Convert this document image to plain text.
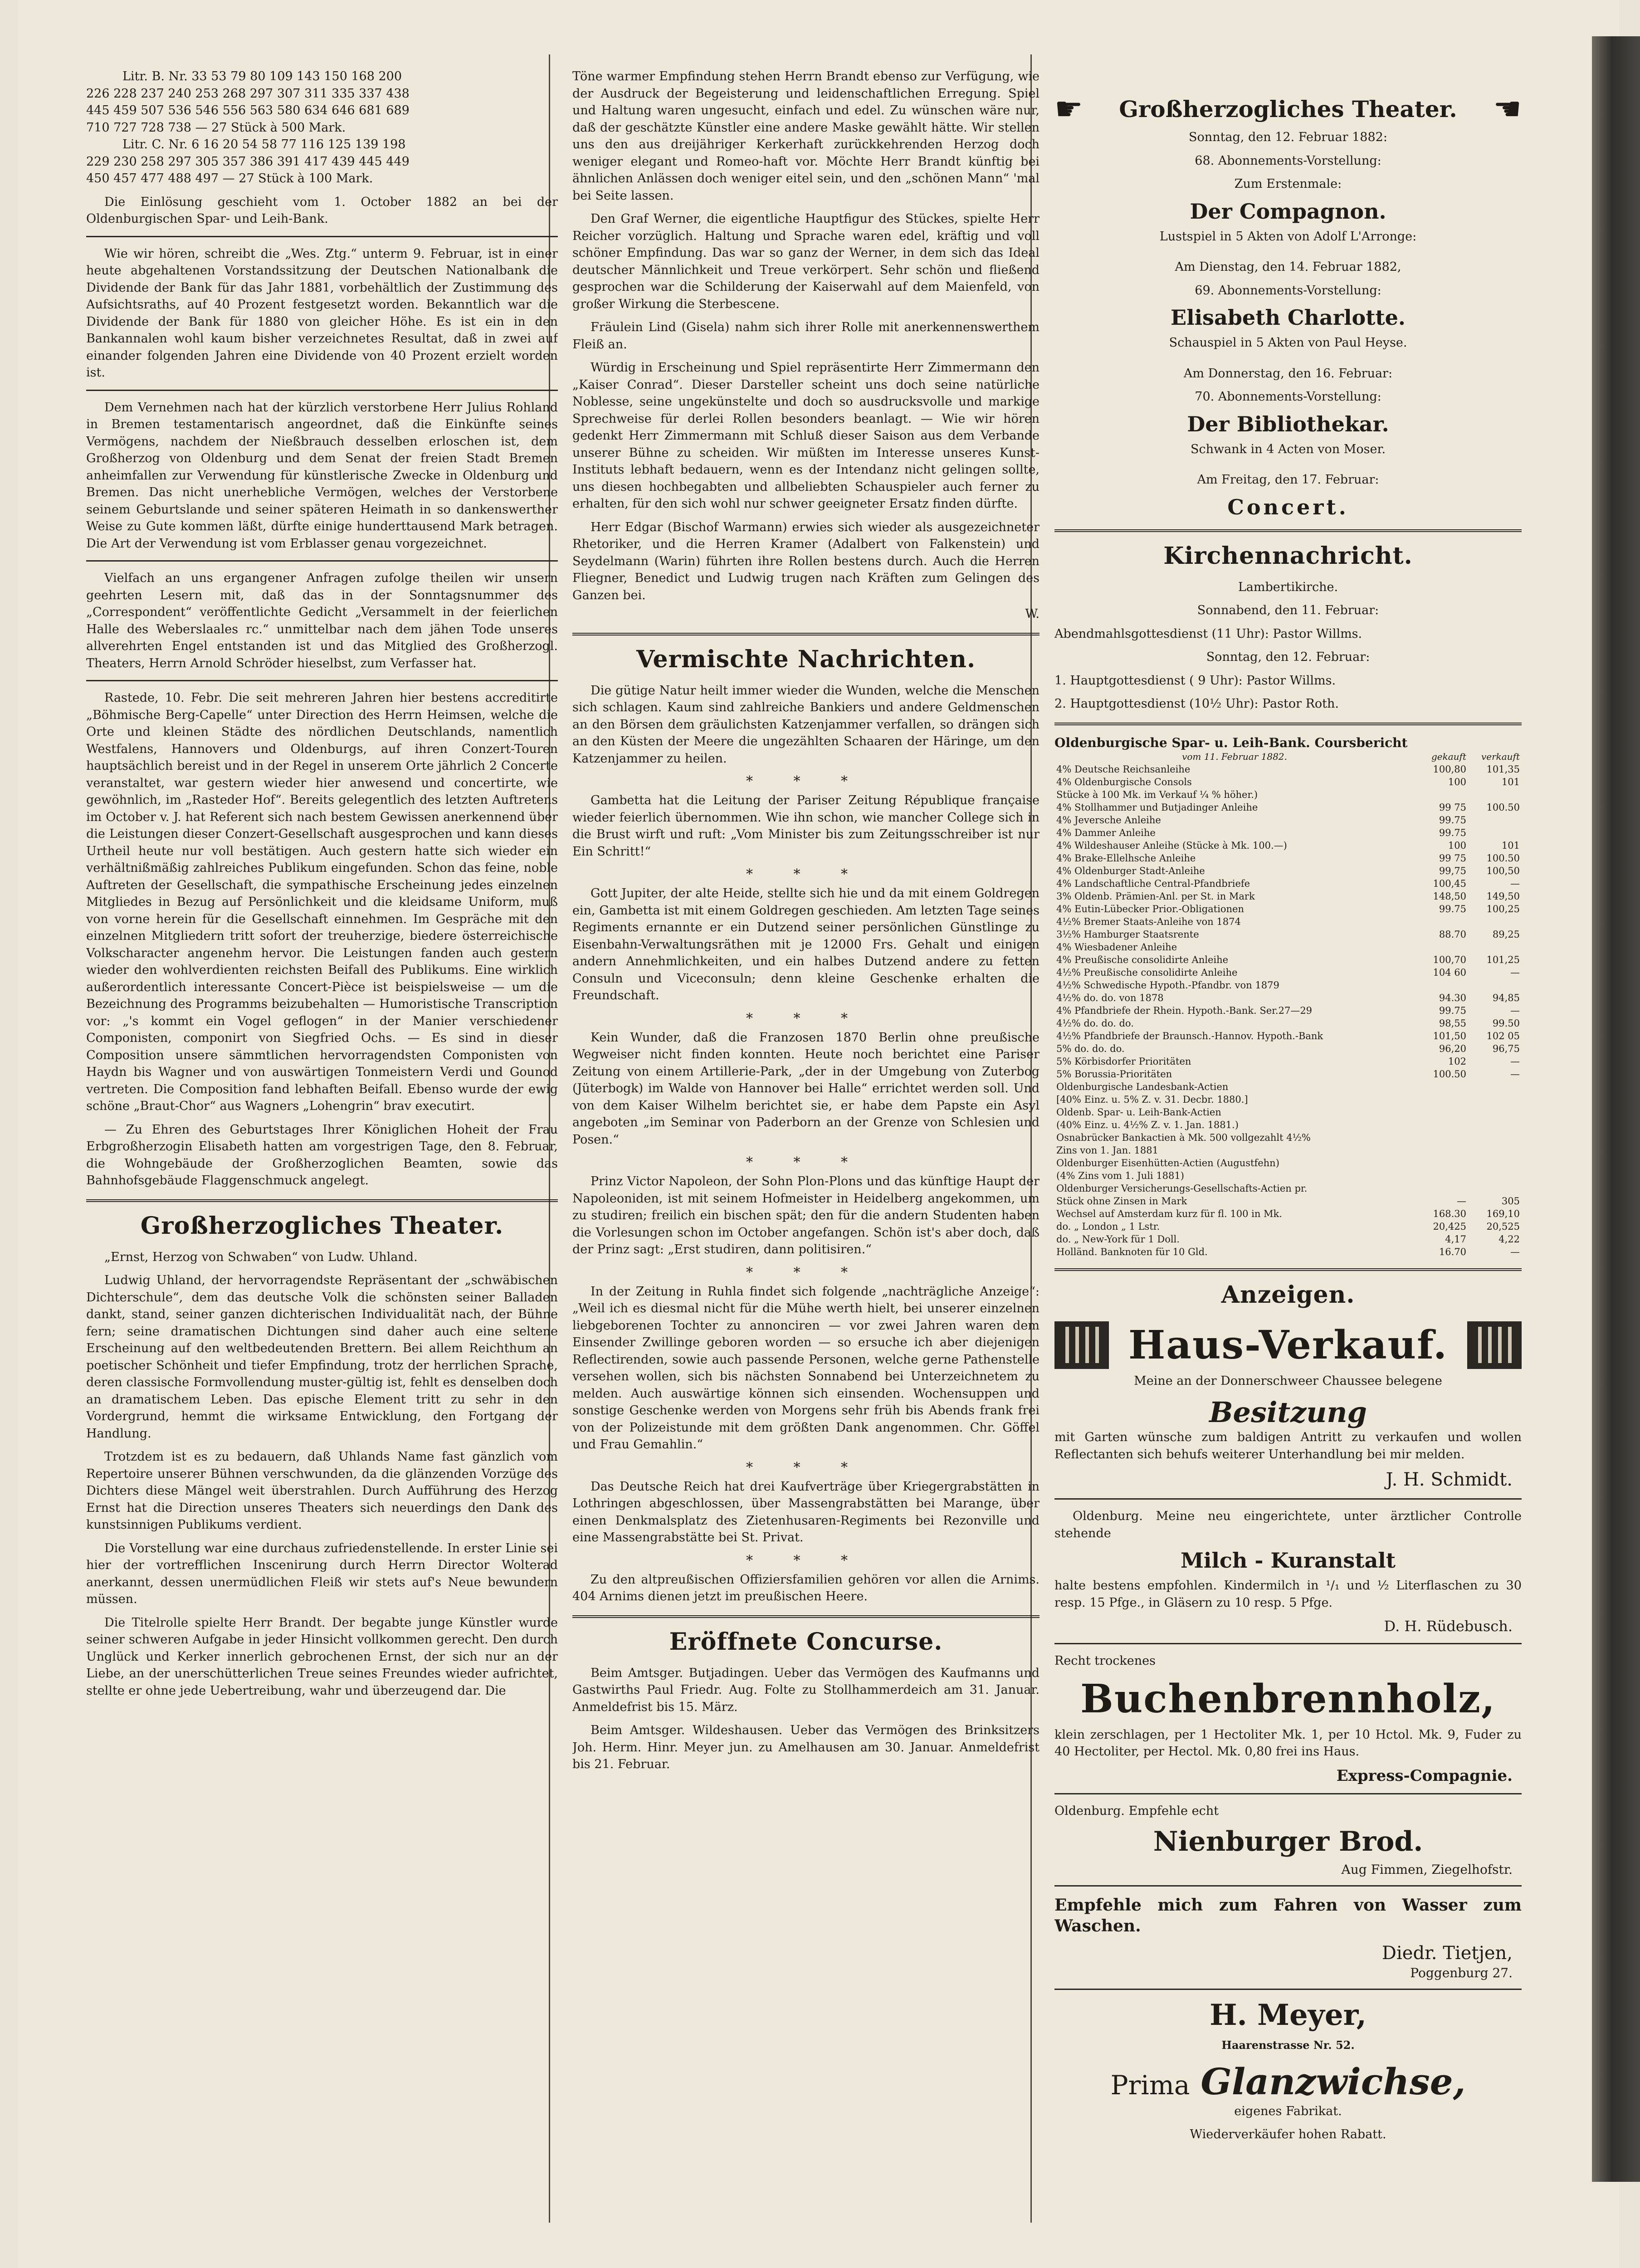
Litr. B. Nr. 33 53 79 80 109 143 150 168 200

226 228 237 240 253 268 297 307 311 335 337 438

445 459 507 536 546 556 563 580 634 646 681 689

710 727 728 738 — 27 Stück à 500 Mark.

Litr. C. Nr. 6 16 20 54 58 77 116 125 139 198

229 230 258 297 305 357 386 391 417 439 445 449

450 457 477 488 497 — 27 Stück à 100 Mark.

Die Einlösung geschieht vom 1. October 1882 an bei der Oldenburgischen Spar- und Leih-Bank.

Wie wir hören, schreibt die „Wes. Ztg.“ unterm 9. Februar, ist in einer heute abgehaltenen Vorstandssitzung der Deutschen Nationalbank die Dividende der Bank für das Jahr 1881, vorbehältlich der Zustimmung des Aufsichtsraths, auf 40 Prozent festgesetzt worden. Bekanntlich war die Dividende der Bank für 1880 von gleicher Höhe. Es ist ein in den Bankannalen wohl kaum bisher verzeichnetes Resultat, daß in zwei auf einander folgenden Jahren eine Dividende von 40 Prozent erzielt worden ist.

Dem Vernehmen nach hat der kürzlich verstorbene Herr Julius Rohland in Bremen testamentarisch angeordnet, daß die Einkünfte seines Vermögens, nachdem der Nießbrauch desselben erloschen ist, dem Großherzog von Oldenburg und dem Senat der freien Stadt Bremen anheimfallen zur Verwendung für künstlerische Zwecke in Oldenburg und Bremen. Das nicht unerhebliche Vermögen, welches der Verstorbene seinem Geburtslande und seiner späteren Heimath in so dankenswerther Weise zu Gute kommen läßt, dürfte einige hunderttausend Mark betragen. Die Art der Verwendung ist vom Erblasser genau vorgezeichnet.

Vielfach an uns ergangener Anfragen zufolge theilen wir unsern geehrten Lesern mit, daß das in der Sonntagsnummer des „Correspondent“ veröffentlichte Gedicht „Versammelt in der feierlichen Halle des Weberslaales rc.“ unmittelbar nach dem jähen Tode unseres allverehrten Engel entstanden ist und das Mitglied des Großherzogl. Theaters, Herrn Arnold Schröder hieselbst, zum Verfasser hat.

Rastede, 10. Febr. Die seit mehreren Jahren hier bestens accreditirte „Böhmische Berg-Capelle“ unter Direction des Herrn Heimsen, welche die Orte und kleinen Städte des nördlichen Deutschlands, namentlich Westfalens, Hannovers und Oldenburgs, auf ihren Conzert-Touren hauptsächlich bereist und in der Regel in unserem Orte jährlich 2 Concerte veranstaltet, war gestern wieder hier anwesend und concertirte, wie gewöhnlich, im „Rasteder Hof“. Bereits gelegentlich des letzten Auftretens im October v. J. hat Referent sich nach bestem Gewissen anerkennend über die Leistungen dieser Conzert-Gesellschaft ausgesprochen und kann dieses Urtheil heute nur voll bestätigen. Auch gestern hatte sich wieder ein verhältnißmäßig zahlreiches Publikum eingefunden. Schon das feine, noble Auftreten der Gesellschaft, die sympathische Erscheinung jedes einzelnen Mitgliedes in Bezug auf Persönlichkeit und die kleidsame Uniform, muß von vorne herein für die Gesellschaft einnehmen. Im Gespräche mit den einzelnen Mitgliedern tritt sofort der treuherzige, biedere österreichische Volkscharacter angenehm hervor. Die Leistungen fanden auch gestern wieder den wohlverdienten reichsten Beifall des Publikums. Eine wirklich außerordentlich interessante Concert-Pièce ist beispielsweise — um die Bezeichnung des Programms beizubehalten — Humoristische Transcription vor: „'s kommt ein Vogel geflogen“ in der Manier verschiedener Componisten, componirt von Siegfried Ochs. — Es sind in dieser Composition unsere sämmtlichen hervorragendsten Componisten von Haydn bis Wagner und von auswärtigen Tonmeistern Verdi und Gounod vertreten. Die Composition fand lebhaften Beifall. Ebenso wurde der ewig schöne „Braut-Chor“ aus Wagners „Lohengrin“ brav executirt.

— Zu Ehren des Geburtstages Ihrer Königlichen Hoheit der Frau Erbgroßherzogin Elisabeth hatten am vorgestrigen Tage, den 8. Februar, die Wohngebäude der Großherzoglichen Beamten, sowie das Bahnhofsgebäude Flaggenschmuck angelegt.

Großherzogliches Theater.

„Ernst, Herzog von Schwaben“ von Ludw. Uhland.

Ludwig Uhland, der hervorragendste Repräsentant der „schwäbischen Dichterschule“, dem das deutsche Volk die schönsten seiner Balladen dankt, stand, seiner ganzen dichterischen Individualität nach, der Bühne fern; seine dramatischen Dichtungen sind daher auch eine seltene Erscheinung auf den weltbedeutenden Brettern. Bei allem Reichthum an poetischer Schönheit und tiefer Empfindung, trotz der herrlichen Sprache, deren classische Formvollendung muster-gültig ist, fehlt es denselben doch an dramatischem Leben. Das epische Element tritt zu sehr in den Vordergrund, hemmt die wirksame Entwicklung, den Fortgang der Handlung.

Trotzdem ist es zu bedauern, daß Uhlands Name fast gänzlich vom Repertoire unserer Bühnen verschwunden, da die glänzenden Vorzüge des Dichters diese Mängel weit überstrahlen. Durch Aufführung des Herzog Ernst hat die Direction unseres Theaters sich neuerdings den Dank des kunstsinnigen Publikums verdient.

Die Vorstellung war eine durchaus zufriedenstellende. In erster Linie sei hier der vortrefflichen Inscenirung durch Herrn Director Wolterad anerkannt, dessen unermüdlichen Fleiß wir stets auf's Neue bewundern müssen.

Die Titelrolle spielte Herr Brandt. Der begabte junge Künstler wurde seiner schweren Aufgabe in jeder Hinsicht vollkommen gerecht. Den durch Unglück und Kerker innerlich gebrochenen Ernst, der sich nur an der Liebe, an der unerschütterlichen Treue seines Freundes wieder aufrichtet, stellte er ohne jede Uebertreibung, wahr und überzeugend dar. Die

Töne warmer Empfindung stehen Herrn Brandt ebenso zur Verfügung, wie der Ausdruck der Begeisterung und leidenschaftlichen Erregung. Spiel und Haltung waren ungesucht, einfach und edel. Zu wünschen wäre nur, daß der geschätzte Künstler eine andere Maske gewählt hätte. Wir stellen uns den aus dreijähriger Kerkerhaft zurückkehrenden Herzog doch weniger elegant und Romeo-haft vor. Möchte Herr Brandt künftig bei ähnlichen Anlässen doch weniger eitel sein, und den „schönen Mann“ 'mal bei Seite lassen.

Den Graf Werner, die eigentliche Hauptfigur des Stückes, spielte Herr Reicher vorzüglich. Haltung und Sprache waren edel, kräftig und voll schöner Empfindung. Das war so ganz der Werner, in dem sich das Ideal deutscher Männlichkeit und Treue verkörpert. Sehr schön und fließend gesprochen war die Schilderung der Kaiserwahl auf dem Maienfeld, von großer Wirkung die Sterbescene.

Fräulein Lind (Gisela) nahm sich ihrer Rolle mit anerkennenswerthem Fleiß an.

Würdig in Erscheinung und Spiel repräsentirte Herr Zimmermann den „Kaiser Conrad“. Dieser Darsteller scheint uns doch seine natürliche Noblesse, seine ungekünstelte und doch so ausdrucksvolle und markige Sprechweise für derlei Rollen besonders beanlagt. — Wie wir hören gedenkt Herr Zimmermann mit Schluß dieser Saison aus dem Verbande unserer Bühne zu scheiden. Wir müßten im Interesse unseres Kunst-Instituts lebhaft bedauern, wenn es der Intendanz nicht gelingen sollte, uns diesen hochbegabten und allbeliebten Schauspieler auch ferner zu erhalten, für den sich wohl nur schwer geeigneter Ersatz finden dürfte.

Herr Edgar (Bischof Warmann) erwies sich wieder als ausgezeichneter Rhetoriker, und die Herren Kramer (Adalbert von Falkenstein) und Seydelmann (Warin) führten ihre Rollen bestens durch. Auch die Herren Fliegner, Benedict und Ludwig trugen nach Kräften zum Gelingen des Ganzen bei.

W.

Vermischte Nachrichten.

Die gütige Natur heilt immer wieder die Wunden, welche die Menschen sich schlagen. Kaum sind zahlreiche Bankiers und andere Geldmenschen an den Börsen dem gräulichsten Katzenjammer verfallen, so drängen sich an den Küsten der Meere die ungezählten Schaaren der Häringe, um den Katzenjammer zu heilen.

* * *

Gambetta hat die Leitung der Pariser Zeitung République française wieder feierlich übernommen. Wie ihn schon, wie mancher College sich in die Brust wirft und ruft: „Vom Minister bis zum Zeitungsschreiber ist nur Ein Schritt!“

* * *

Gott Jupiter, der alte Heide, stellte sich hie und da mit einem Goldregen ein, Gambetta ist mit einem Goldregen geschieden. Am letzten Tage seines Regiments ernannte er ein Dutzend seiner persönlichen Günstlinge zu Eisenbahn-Verwaltungsräthen mit je 12000 Frs. Gehalt und einigen andern Annehmlichkeiten, und ein halbes Dutzend andere zu fetten Consuln und Viceconsuln; denn kleine Geschenke erhalten die Freundschaft.

* * *

Kein Wunder, daß die Franzosen 1870 Berlin ohne preußische Wegweiser nicht finden konnten. Heute noch berichtet eine Pariser Zeitung von einem Artillerie-Park, „der in der Umgebung von Zuterbog (Jüterbogk) im Walde von Hannover bei Halle“ errichtet werden soll. Und von dem Kaiser Wilhelm berichtet sie, er habe dem Papste ein Asyl angeboten „im Seminar von Paderborn an der Grenze von Schlesien und Posen.“

* * *

Prinz Victor Napoleon, der Sohn Plon-Plons und das künftige Haupt der Napoleoniden, ist mit seinem Hofmeister in Heidelberg angekommen, um zu studiren; freilich ein bischen spät; den für die andern Studenten haben die Vorlesungen schon im October angefangen. Schön ist's aber doch, daß der Prinz sagt: „Erst studiren, dann politisiren.“

* * *

In der Zeitung in Ruhla findet sich folgende „nachträgliche Anzeige“: „Weil ich es diesmal nicht für die Mühe werth hielt, bei unserer einzelnen liebgeborenen Tochter zu annonciren — vor zwei Jahren waren dem Einsender Zwillinge geboren worden — so ersuche ich aber diejenigen Reflectirenden, sowie auch passende Personen, welche gerne Pathenstelle versehen wollen, sich bis nächsten Sonnabend bei Unterzeichnetem zu melden. Auch auswärtige können sich einsenden. Wochensuppen und sonstige Geschenke werden von Morgens sehr früh bis Abends frank frei von der Polizeistunde mit dem größten Dank angenommen. Chr. Göffel und Frau Gemahlin.“

* * *

Das Deutsche Reich hat drei Kaufverträge über Kriegergrabstätten in Lothringen abgeschlossen, über Massengrabstätten bei Marange, über einen Denkmalsplatz des Zietenhusaren-Regiments bei Rezonville und eine Massengrabstätte bei St. Privat.

* * *

Zu den altpreußischen Offiziersfamilien gehören vor allen die Arnims. 404 Arnims dienen jetzt im preußischen Heere.

Eröffnete Concurse.

Beim Amtsger. Butjadingen. Ueber das Vermögen des Kaufmanns und Gastwirths Paul Friedr. Aug. Folte zu Stollhammerdeich am 31. Januar. Anmeldefrist bis 15. März.

Beim Amtsger. Wildeshausen. Ueber das Vermögen des Brinksitzers Joh. Herm. Hinr. Meyer jun. zu Amelhausen am 30. Januar. Anmeldefrist bis 21. Februar.

☛ Großherzogliches Theater. ☚

Sonntag, den 12. Februar 1882:

68. Abonnements-Vorstellung:

Zum Erstenmale:

Der Compagnon.

Lustspiel in 5 Akten von Adolf L'Arronge:

Am Dienstag, den 14. Februar 1882,

69. Abonnements-Vorstellung:

Elisabeth Charlotte.

Schauspiel in 5 Akten von Paul Heyse.

Am Donnerstag, den 16. Februar:

70. Abonnements-Vorstellung:

Der Bibliothekar.

Schwank in 4 Acten von Moser.

Am Freitag, den 17. Februar:

Concert.
Kirchennachricht.

Lambertikirche.

Sonnabend, den 11. Februar:

Abendmahlsgottesdienst (11 Uhr): Pastor Willms.

Sonntag, den 12. Februar:

1. Hauptgottesdienst ( 9 Uhr): Pastor Willms.

2. Hauptgottesdienst (10½ Uhr): Pastor Roth.

Oldenburgische Spar- u. Leih-Bank. Coursbericht
vom 11. Februar 1882.	gekauft	verkauft
4% Deutsche Reichsanleihe	100,80	101,35
4% Oldenburgische Consols	100	101
Stücke à 100 Mk. im Verkauf ¼ % höher.)		
4% Stollhammer und Butjadinger Anleihe	99 75	100.50
4% Jeversche Anleihe	99.75	
4% Dammer Anleihe	99.75	
4% Wildeshauser Anleihe (Stücke à Mk. 100.—)	100	101
4% Brake-Ellelhsche Anleihe	99 75	100.50
4% Oldenburger Stadt-Anleihe	99,75	100,50
4% Landschaftliche Central-Pfandbriefe	100,45	—
3% Oldenb. Prämien-Anl. per St. in Mark	148,50	149,50
4% Eutin-Lübecker Prior.-Obligationen	99.75	100,25
4½% Bremer Staats-Anleihe von 1874		
3½% Hamburger Staatsrente	88.70	89,25
4% Wiesbadener Anleihe		
4% Preußische consolidirte Anleihe	100,70	101,25
4½% Preußische consolidirte Anleihe	104 60	—
4½% Schwedische Hypoth.-Pfandbr. von 1879		
4½% do. do. von 1878	94.30	94,85
4% Pfandbriefe der Rhein. Hypoth.-Bank. Ser.27—29	99.75	—
4½% do. do. do.	98,55	99.50
4½% Pfandbriefe der Braunsch.-Hannov. Hypoth.-Bank	101,50	102 05
5% do. do. do.	96,20	96,75
5% Körbisdorfer Prioritäten	102	—
5% Borussia-Prioritäten	100.50	—
Oldenburgische Landesbank-Actien		
[40% Einz. u. 5% Z. v. 31. Decbr. 1880.]		
Oldenb. Spar- u. Leih-Bank-Actien		
(40% Einz. u. 4½% Z. v. 1. Jan. 1881.)		
Osnabrücker Bankactien à Mk. 500 vollgezahlt 4½%		
Zins von 1. Jan. 1881		
Oldenburger Eisenhütten-Actien (Augustfehn)		
(4% Zins vom 1. Juli 1881)		
Oldenburger Versicherungs-Gesellschafts-Actien pr.		
Stück ohne Zinsen in Mark	—	305
Wechsel auf Amsterdam kurz für fl. 100 in Mk.	168.30	169,10
do. „ London „ 1 Lstr.	20,425	20,525
do. „ New-York für 1 Doll.	4,17	4,22
Holländ. Banknoten für 10 Gld.	16.70	—
Anzeigen.
Haus-Verkauf.

Meine an der Donnerschweer Chaussee belegene

Besitzung

mit Garten wünsche zum baldigen Antritt zu verkaufen und wollen Reflectanten sich behufs weiterer Unterhandlung bei mir melden.

J. H. Schmidt.

Oldenburg. Meine neu eingerichtete, unter ärztlicher Controlle stehende

Milch - Kuranstalt

halte bestens empfohlen. Kindermilch in ¹/₁ und ½ Literflaschen zu 30 resp. 15 Pfge., in Gläsern zu 10 resp. 5 Pfge.

D. H. Rüdebusch.

Recht trockenes

Buchenbrennholz,

klein zerschlagen, per 1 Hectoliter Mk. 1, per 10 Hctol. Mk. 9, Fuder zu 40 Hectoliter, per Hectol. Mk. 0,80 frei ins Haus.

Express-Compagnie.

Oldenburg. Empfehle echt

Nienburger Brod.
Aug Fimmen, Ziegelhofstr.

Empfehle mich zum Fahren von Wasser zum Waschen.

Diedr. Tietjen,
Poggenburg 27.
H. Meyer,

Haarenstrasse Nr. 52.

Prima Glanzwichse,

eigenes Fabrikat.

Wiederverkäufer hohen Rabatt.
